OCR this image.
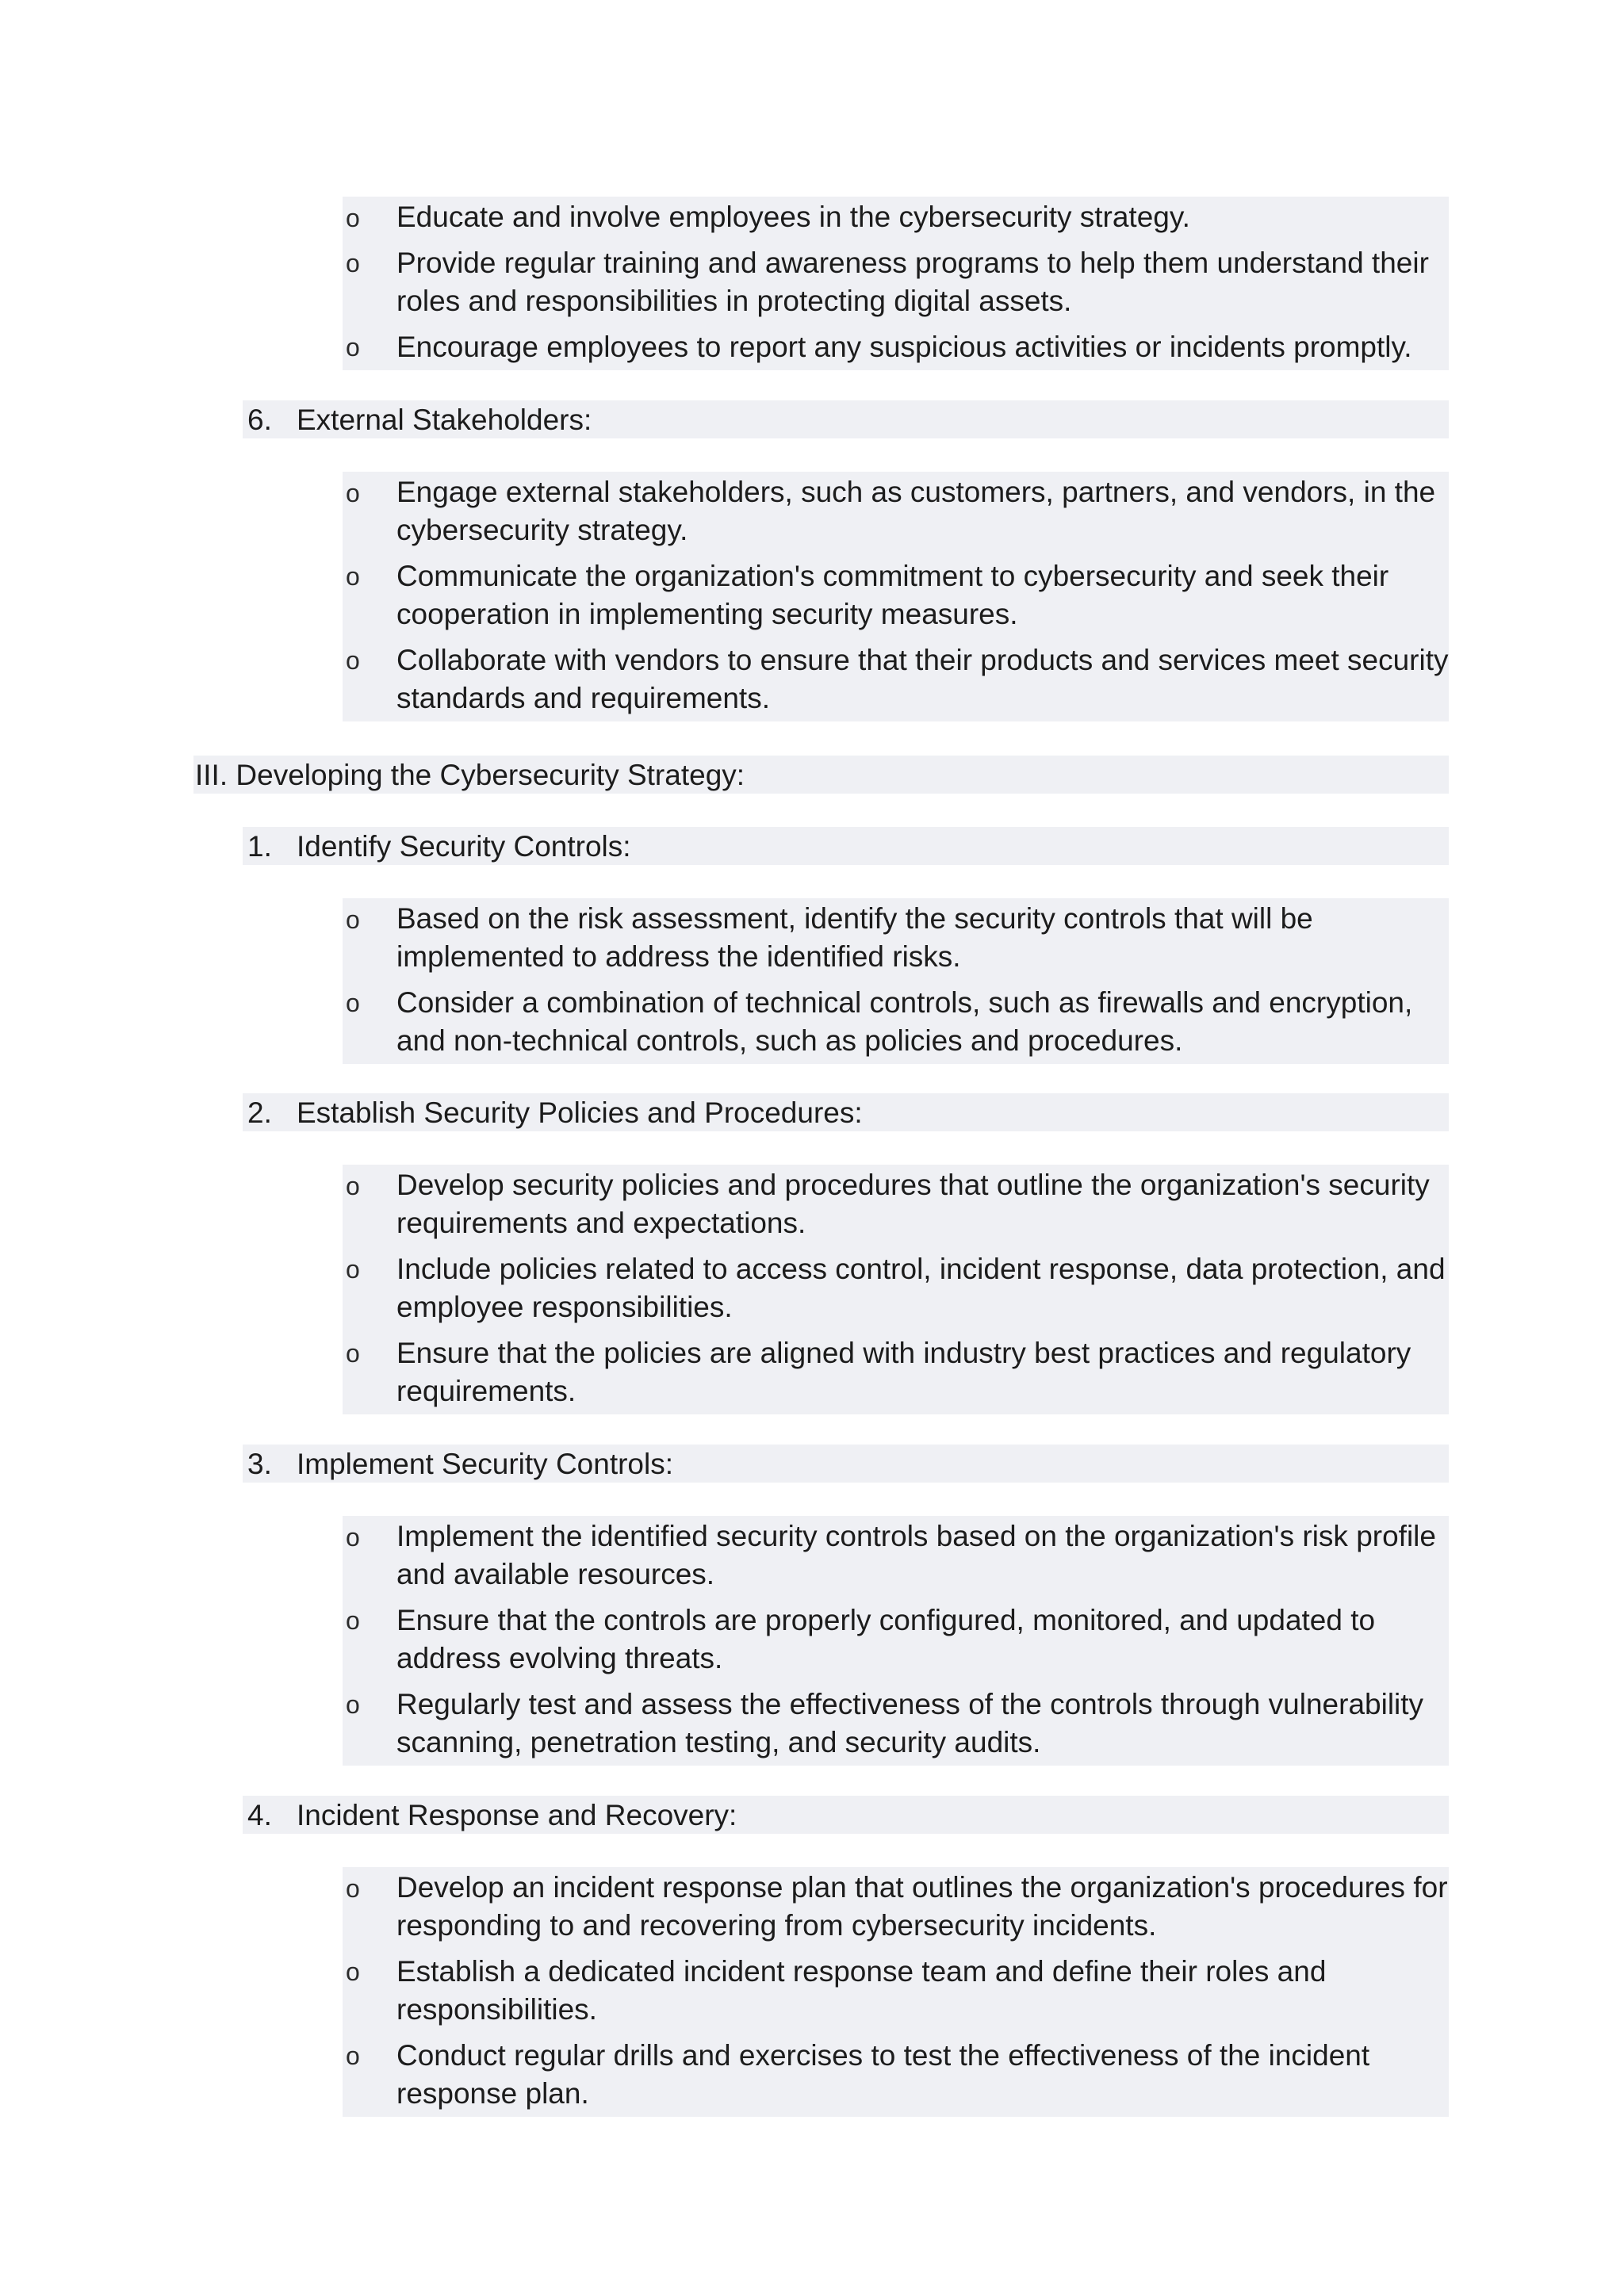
o Educate and involve employees in the cybersecurity strategy.
o Provide regular training and awareness programs to help them understand their roles and responsibilities in protecting digital assets.
o Encourage employees to report any suspicious activities or incidents promptly.
6. External Stakeholders:
o Engage external stakeholders, such as customers, partners, and vendors, in the cybersecurity strategy.
o Communicate the organization's commitment to cybersecurity and seek their cooperation in implementing security measures.
o Collaborate with vendors to ensure that their products and services meet security standards and requirements.
III. Developing the Cybersecurity Strategy:
1. Identify Security Controls:
o Based on the risk assessment, identify the security controls that will be implemented to address the identified risks.
o Consider a combination of technical controls, such as firewalls and encryption, and non-technical controls, such as policies and procedures.
2. Establish Security Policies and Procedures:
o Develop security policies and procedures that outline the organization's security requirements and expectations.
o Include policies related to access control, incident response, data protection, and employee responsibilities.
o Ensure that the policies are aligned with industry best practices and regulatory requirements.
3. Implement Security Controls:
o Implement the identified security controls based on the organization's risk profile and available resources.
o Ensure that the controls are properly configured, monitored, and updated to address evolving threats.
o Regularly test and assess the effectiveness of the controls through vulnerability scanning, penetration testing, and security audits.
4. Incident Response and Recovery:
o Develop an incident response plan that outlines the organization's procedures for responding to and recovering from cybersecurity incidents.
o Establish a dedicated incident response team and define their roles and responsibilities.
o Conduct regular drills and exercises to test the effectiveness of the incident response plan.
